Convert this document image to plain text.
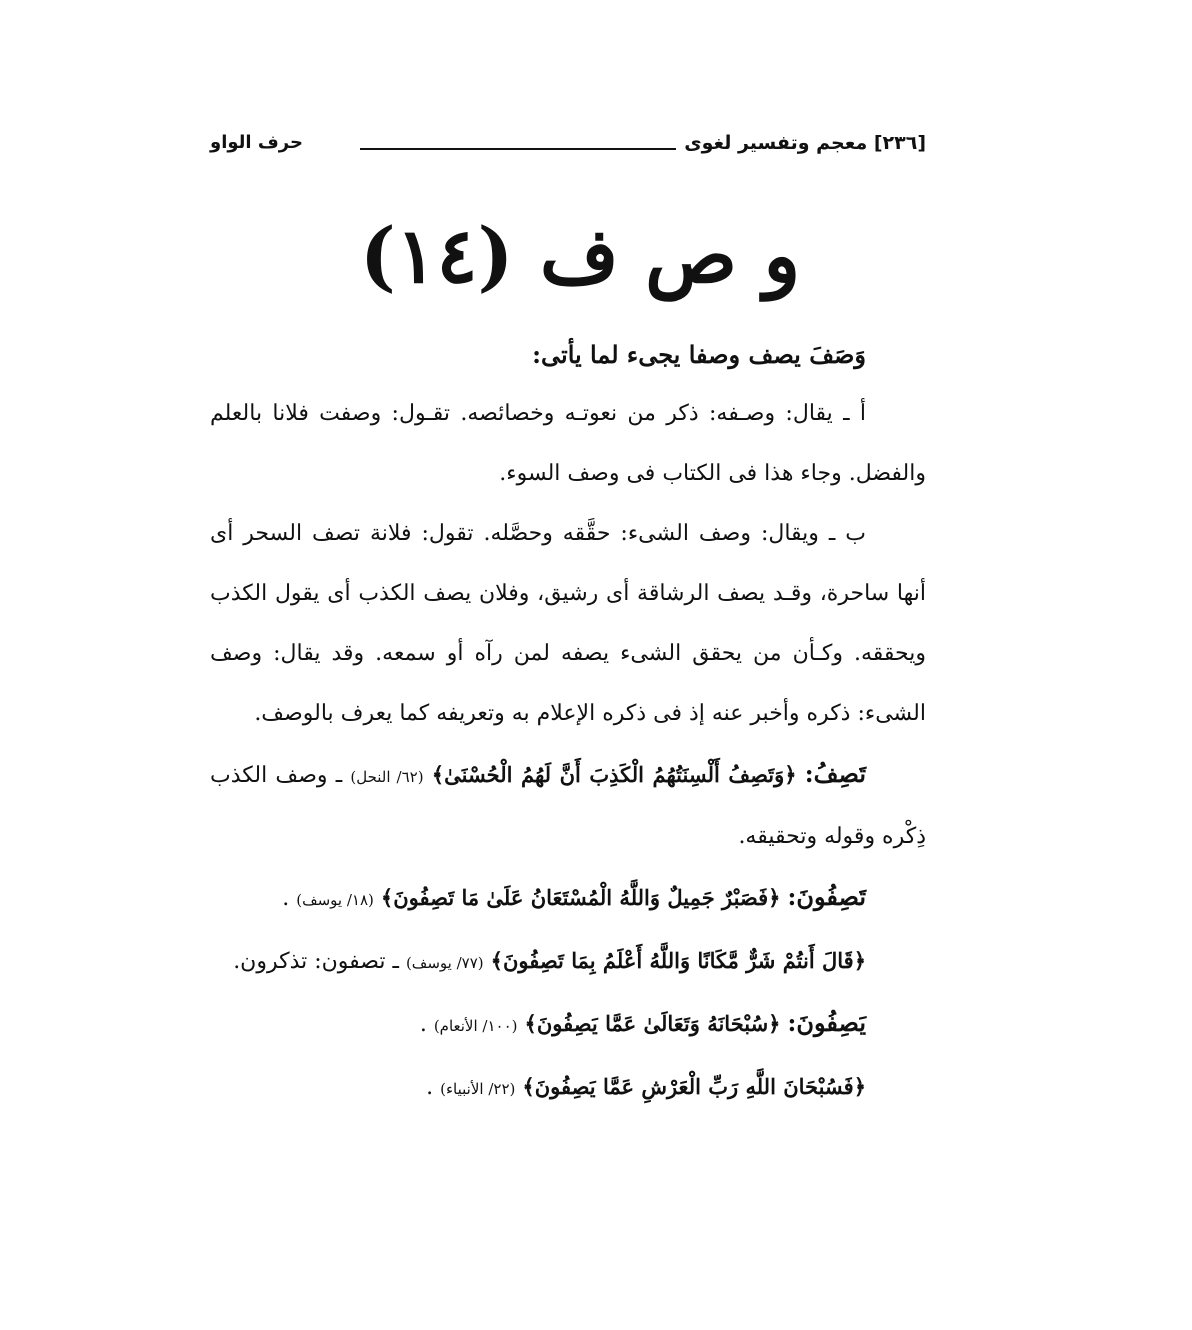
[٢٣٦] معجم وتفسير لغوى
حرف الواو
و ص ف (١٤)

وَصَفَ يصف وصفا يجىء لما يأتى:

أ ـ يقال: وصـفه: ذكر من نعوتـه وخصائصه. تقـول: وصفت فلانا بالعلم والفضل. وجاء هذا فى الكتاب فى وصف السوء.

ب ـ ويقال: وصف الشىء: حقَّقه وحصَّله. تقول: فلانة تصف السحر أى أنها ساحرة، وقـد يصف الرشاقة أى رشيق، وفلان يصف الكذب أى يقول الكذب ويحققه. وكـأن من يحقق الشىء يصفه لمن رآه أو سمعه. وقد يقال: وصف الشىء: ذكره وأخبر عنه إذ فى ذكره الإعلام به وتعريفه كما يعرف بالوصف.

تَصِفُ: ﴿وَتَصِفُ أَلْسِنَتُهُمُ الْكَذِبَ أَنَّ لَهُمُ الْحُسْنَىٰ﴾ (٦٢/ النحل) ـ وصف الكذب ذِكْره وقوله وتحقيقه.

تَصِفُونَ: ﴿فَصَبْرٌ جَمِيلٌ وَاللَّهُ الْمُسْتَعَانُ عَلَىٰ مَا تَصِفُونَ﴾ (١٨/ يوسف) .

﴿قَالَ أَنتُمْ شَرٌّ مَّكَانًا وَاللَّهُ أَعْلَمُ بِمَا تَصِفُونَ﴾ (٧٧/ يوسف) ـ تصفون: تذكرون.

يَصِفُونَ: ﴿سُبْحَانَهُ وَتَعَالَىٰ عَمَّا يَصِفُونَ﴾ (١٠٠/ الأنعام) .

﴿فَسُبْحَانَ اللَّهِ رَبِّ الْعَرْشِ عَمَّا يَصِفُونَ﴾ (٢٢/ الأنبياء) .
